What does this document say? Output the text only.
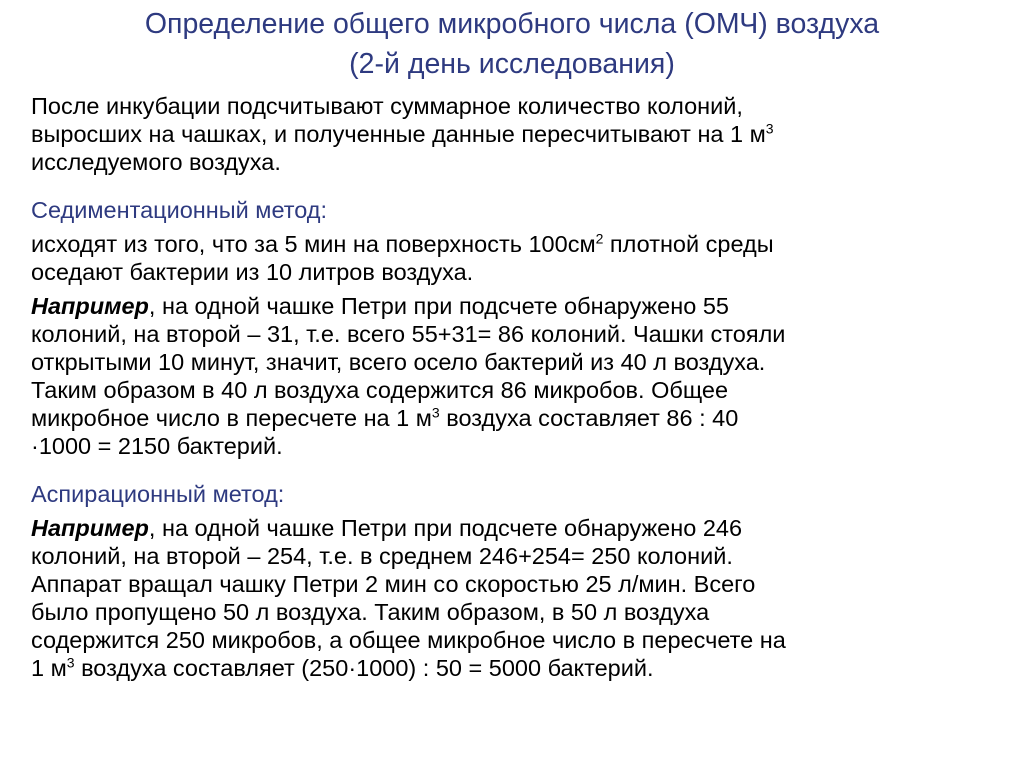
Определение общего микробного числа (ОМЧ) воздуха
(2-й день исследования)

После инкубации подсчитывают суммарное количество колоний,
выросших на чашках, и полученные данные пересчитывают на 1 $м^3$
исследуемого воздуха.

Седиментационный метод:

исходят из того, что за 5 мин на поверхность $100см^2$ плотной среды
оседают бактерии из 10 литров воздуха.

Например, на одной чашке Петри при подсчете обнаружено 55
колоний, на второй – 31, т.е. всего 55+31= 86 колоний. Чашки стояли
открытыми 10 минут, значит, всего осело бактерий из 40 л воздуха.
Таким образом в 40 л воздуха содержится 86 микробов. Общее
микробное число в пересчете на 1 $м^3$ воздуха составляет 86 : 40
·1000 = 2150 бактерий.

Аспирационный метод:

Например, на одной чашке Петри при подсчете обнаружено 246
колоний, на второй – 254, т.е. в среднем 246+254= 250 колоний.
Аппарат вращал чашку Петри 2 мин со скоростью 25 л/мин. Всего
было пропущено 50 л воздуха. Таким образом, в 50 л воздуха
содержится 250 микробов, а общее микробное число в пересчете на
1 $м^3$ воздуха составляет (250·1000) : 50 = 5000 бактерий.
